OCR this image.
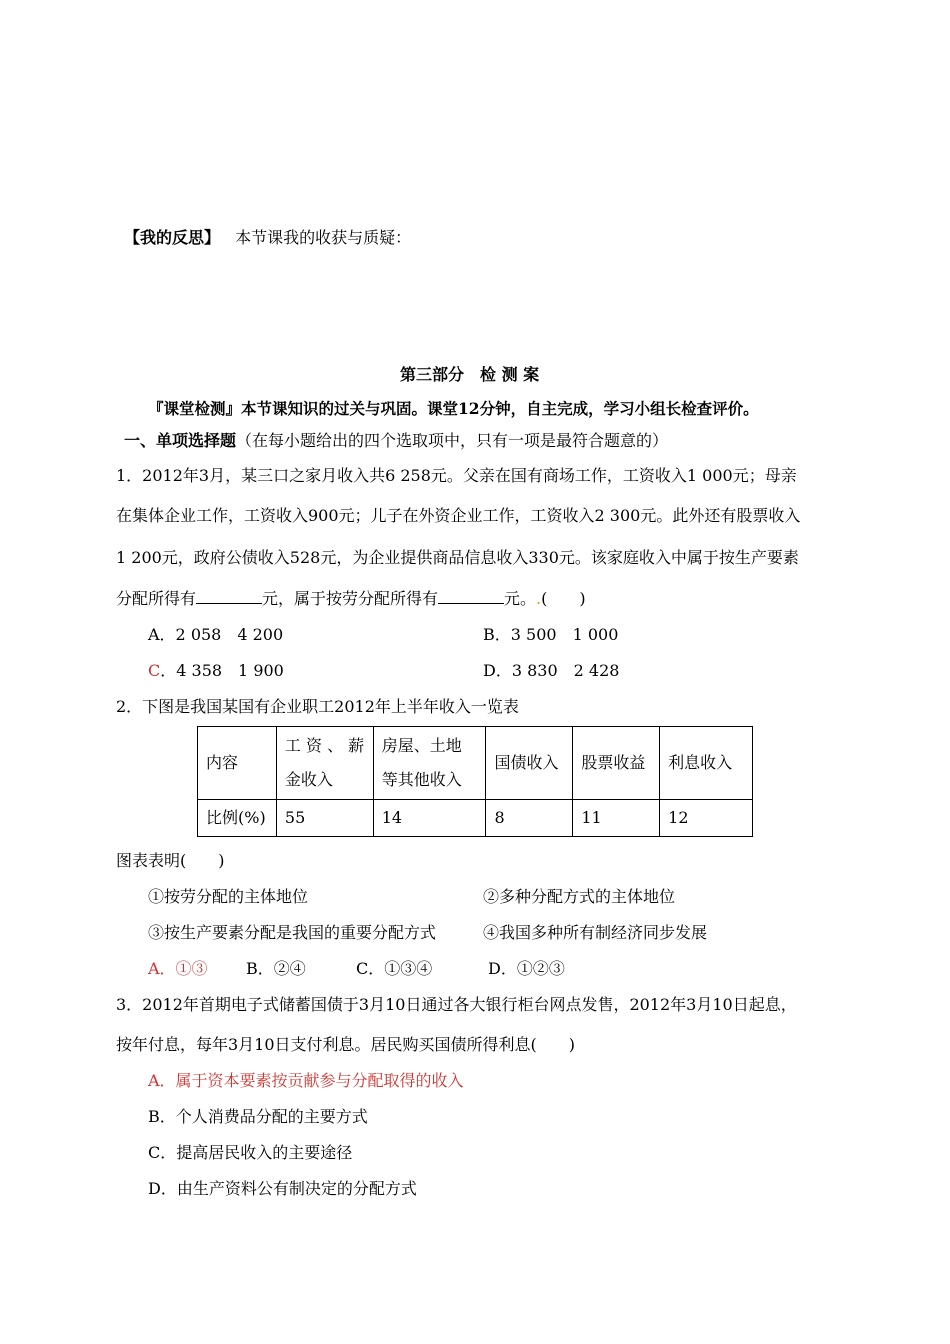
【我的反思】 本节课我的收获与质疑：
第三部分　检 测 案
『课堂检测』本节课知识的过关与巩固。课堂12分钟，自主完成，学习小组长检查评价。
一、单项选择题（在每小题给出的四个选取项中，只有一项是最符合题意的）
1．2012年3月，某三口之家月收入共6 258元。父亲在国有商场工作，工资收入1 000元；母亲
在集体企业工作，工资收入900元；儿子在外资企业工作，工资收入2 300元。此外还有股票收入
1 200元，政府公债收入528元，为企业提供商品信息收入330元。该家庭收入中属于按生产要素
分配所得有	元，属于按劳分配所得有	元。.(　　)
A．2 058　4 200	B．3 500　1 000
C．4 358　1 900	D．3 830　2 428
2．下图是我国某国有企业职工2012年上半年收入一览表
内容	工 资 、 薪金收入	房屋、土地等其他收入	国债收入	股票收益	利息收入
比例(%)	55	14	8	11	12
图表表明(　　)
①按劳分配的主体地位	②多种分配方式的主体地位
③按生产要素分配是我国的重要分配方式	④我国多种所有制经济同步发展
A．①③ B．②④	C．①③④	D．①②③
3．2012年首期电子式储蓄国债于3月10日通过各大银行柜台网点发售，2012年3月10日起息，
按年付息，每年3月10日支付利息。居民购买国债所得利息(　　)
A．属于资本要素按贡献参与分配取得的收入
B．个人消费品分配的主要方式
C．提高居民收入的主要途径
D．由生产资料公有制决定的分配方式
